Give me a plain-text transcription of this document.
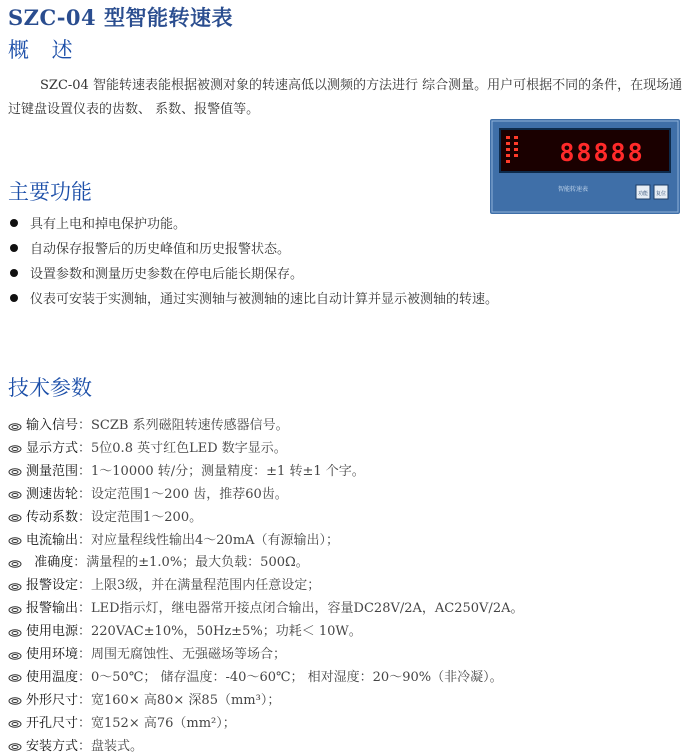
SZC-04 型智能转速表
概 述
SZC-04 智能转速表能根据被测对象的转速高低以测频的方法进行 综合测量。用户可根据不同的条件，在现场通过键盘设置仪表的齿数、 系数、报警值等。
88888
智能转速表
功能 复位
主要功能
具有上电和掉电保护功能。
自动保存报警后的历史峰值和历史报警状态。
设置参数和测量历史参数在停电后能长期保存。
仪表可安装于实测轴，通过实测轴与被测轴的速比自动计算并显示被测轴的转速。
技术参数
输入信号 ：SCZB 系列磁阻转速传感器信号。
显示方式 ：5位0.8 英寸红色LED 数字显示。
测量范围 ：1～10000 转/分；测量精度：±1 转±1 个字。
测速齿轮 ：设定范围1～200 齿，推荐60齿。
传动系数 ：设定范围1～200。
电流输出 ：对应量程线性输出4～20mA（有源输出）；
准确度 ：满量程的±1.0%；最大负载：500Ω。
报警设定 ：上限3级，并在满量程范围内任意设定；
报警输出 ：LED指示灯，继电器常开接点闭合输出，容量DC28V/2A，AC250V/2A。
使用电源 ：220VAC±10%，50Hz±5%；功耗＜ 10W。
使用环境 ：周围无腐蚀性、无强磁场等场合；
使用温度 ：0～50℃； 储存温度：-40～60℃； 相对湿度：20～90%（非冷凝）。
外形尺寸 ：宽160× 高80× 深85（mm³）；
开孔尺寸 ：宽152× 高76（mm²）；
安装方式 ：盘装式。
